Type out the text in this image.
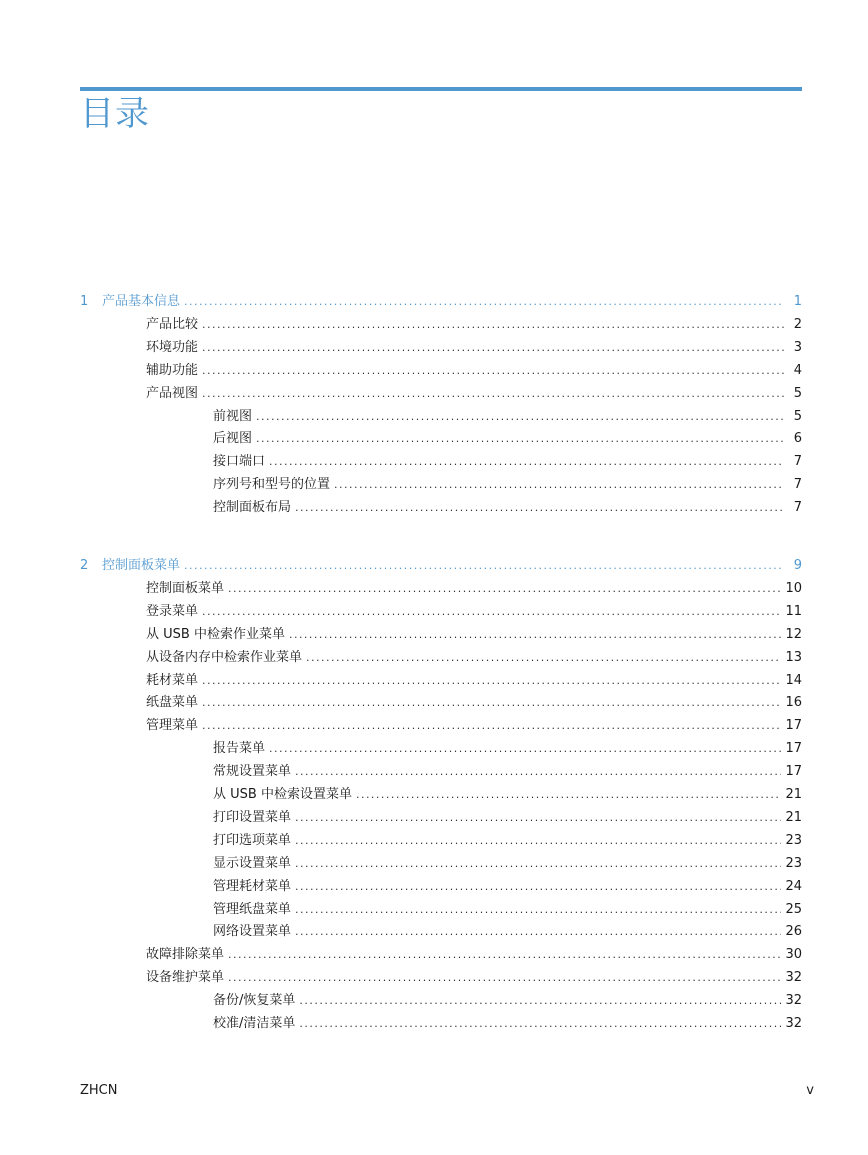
目录
1	产品基本信息 . . .	1
产品比较 . . .	2
环境功能 . . .	3
辅助功能 . . .	4
产品视图 . . .	5
前视图 . . .	5
后视图 . . .	6
接口端口 . . .	7
序列号和型号的位置 . . .	7
控制面板布局 . . .	7
2	控制面板菜单 . . .	9
控制面板菜单 . . .	10
登录菜单 . . .	11
从 USB 中检索作业菜单 . . .	12
从设备内存中检索作业菜单 . . .	13
耗材菜单 . . .	14
纸盘菜单 . . .	16
管理菜单 . . .	17
报告菜单 . . .	17
常规设置菜单 . . .	17
从 USB 中检索设置菜单 . . .	21
打印设置菜单 . . .	21
打印选项菜单 . . .	23
显示设置菜单 . . .	23
管理耗材菜单 . . .	24
管理纸盘菜单 . . .	25
网络设置菜单 . . .	26
故障排除菜单 . . .	30
设备维护菜单 . . .	32
备份/恢复菜单 . . .	32
校准/清洁菜单 . . .	32
ZHCN	v
